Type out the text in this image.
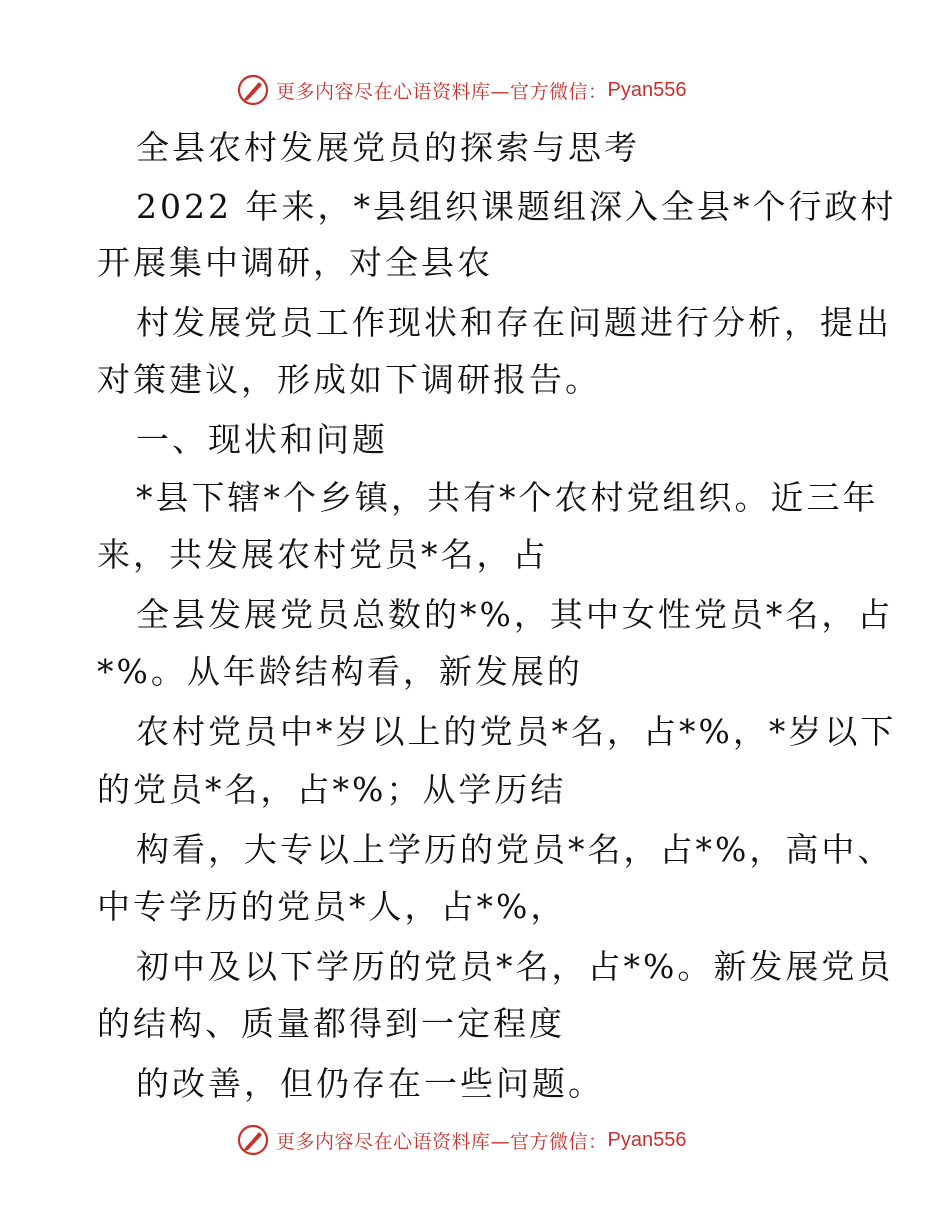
更多内容尽在心语资料库—官方微信： Pyan556
全县农村发展党员的探索与思考
2022 年来，*县组织课题组深入全县*个行政村
开展集中调研，对全县农
村发展党员工作现状和存在问题进行分析，提出
对策建议，形成如下调研报告。
一、现状和问题
*县下辖*个乡镇，共有*个农村党组织。近三年
来，共发展农村党员*名，占
全县发展党员总数的*%，其中女性党员*名，占
*%。从年龄结构看，新发展的
农村党员中*岁以上的党员*名，占*%，*岁以下
的党员*名，占*%；从学历结
构看，大专以上学历的党员*名，占*%，高中、
中专学历的党员*人，占*%，
初中及以下学历的党员*名，占*%。新发展党员
的结构、质量都得到一定程度
的改善，但仍存在一些问题。
更多内容尽在心语资料库—官方微信： Pyan556
